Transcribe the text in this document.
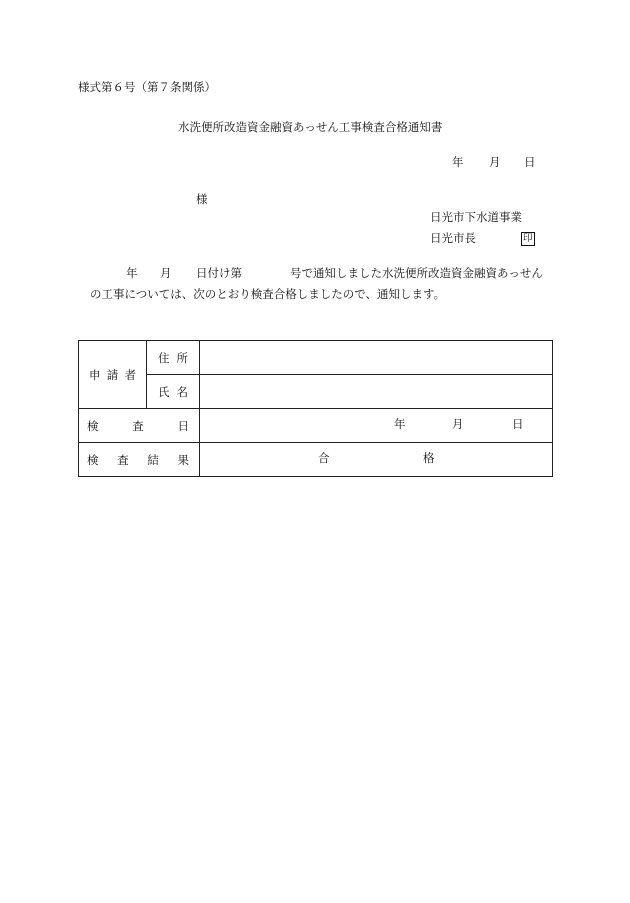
様式第６号（第７条関係）
水洗便所改造資金融資あっせん工事検査合格通知書
年 月 日
様
日光市下水道事業
日光市長	印
年 月 日付け第	号で通知しました水洗便所改造資金融資あっせん
の工事については、次のとおり検査合格しましたので、通知します。
申 請 者	住 所	

	氏 名	

検 査 日		年 月 日

検 査 結 果		合 格
